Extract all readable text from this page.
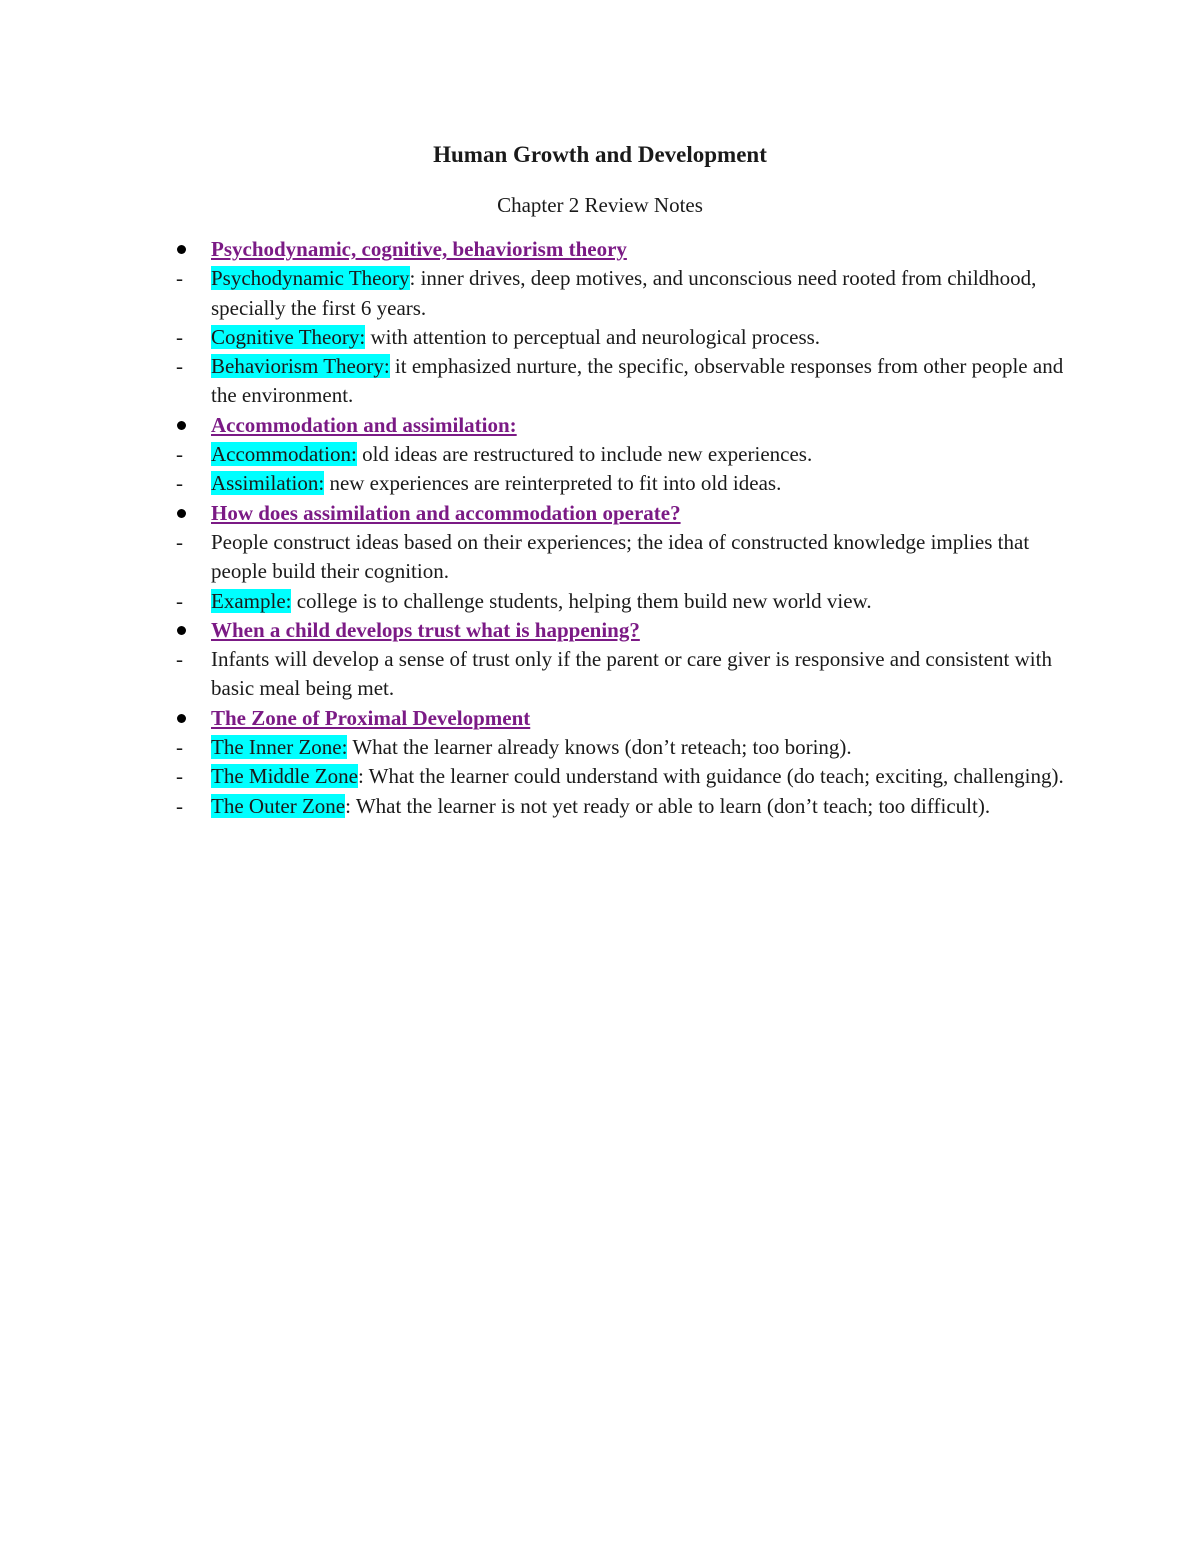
Human Growth and Development

Chapter 2 Review Notes

Psychodynamic, cognitive, behaviorism theory
- Psychodynamic Theory: inner drives, deep motives, and unconscious need rooted from childhood, specially the first 6 years.
- Cognitive Theory: with attention to perceptual and neurological process.
- Behaviorism Theory: it emphasized nurture, the specific, observable responses from other people and the environment.
Accommodation and assimilation:
- Accommodation: old ideas are restructured to include new experiences.
- Assimilation: new experiences are reinterpreted to fit into old ideas.
How does assimilation and accommodation operate?
- People construct ideas based on their experiences; the idea of constructed knowledge implies that people build their cognition.
- Example: college is to challenge students, helping them build new world view.
When a child develops trust what is happening?
- Infants will develop a sense of trust only if the parent or care giver is responsive and consistent with basic meal being met.
The Zone of Proximal Development
- The Inner Zone: What the learner already knows (don’t reteach; too boring).
- The Middle Zone: What the learner could understand with guidance (do teach; exciting, challenging).
- The Outer Zone: What the learner is not yet ready or able to learn (don’t teach; too difficult).
